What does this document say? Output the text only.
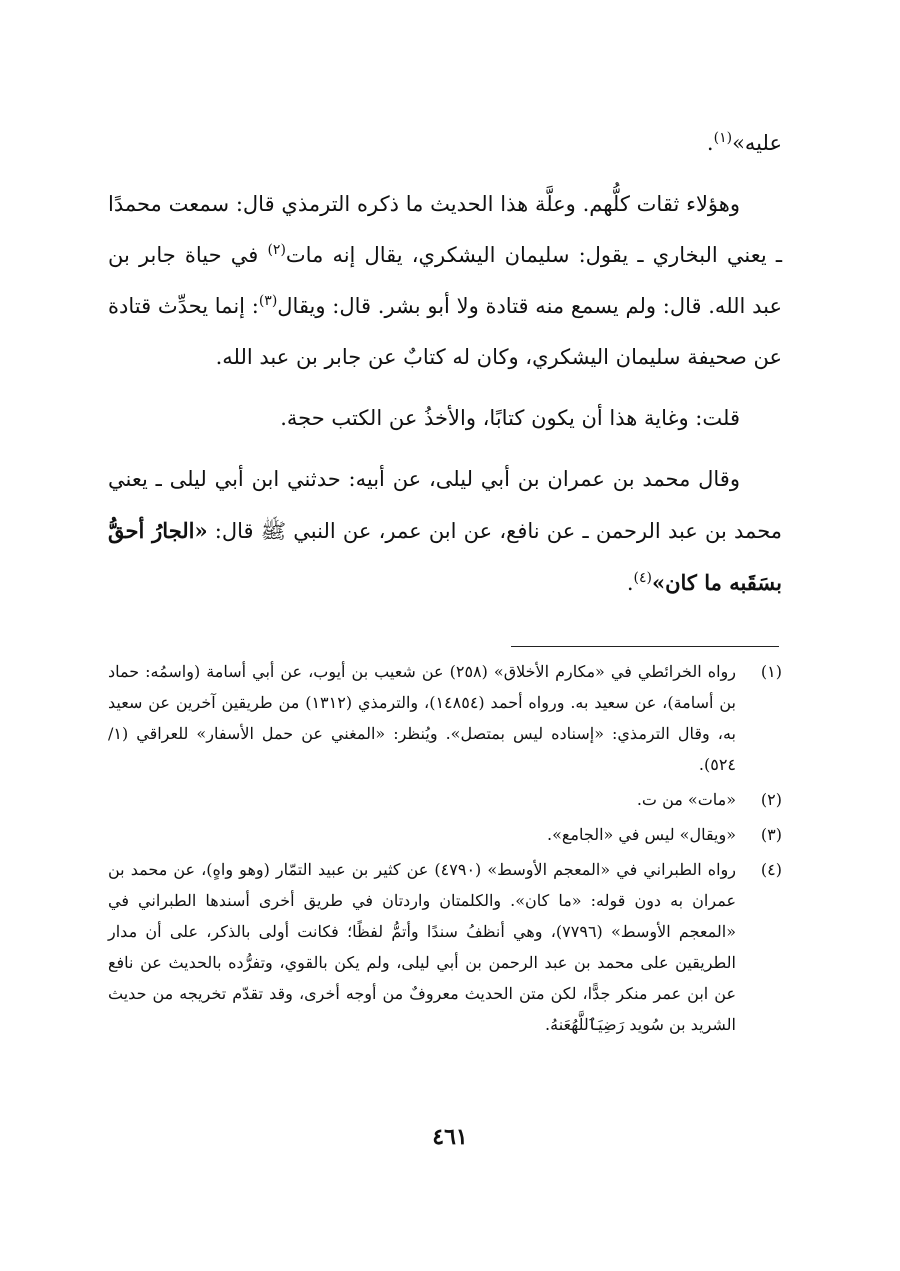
عليه»$^{(١)}$.

وهؤلاء ثقات كلُّهم. وعلَّة هذا الحديث ما ذكره الترمذي قال: سمعت محمدًا ـ يعني البخاري ـ يقول: سليمان اليشكري، يقال إنه مات$^{(٢)}$ في حياة جابر بن عبد الله. قال: ولم يسمع منه قتادة ولا أبو بشر. قال: ويقال$^{(٣)}$: إنما يحدِّث قتادة عن صحيفة سليمان اليشكري، وكان له كتابٌ عن جابر بن عبد الله.

قلت: وغاية هذا أن يكون كتابًا، والأخذُ عن الكتب حجة.

وقال محمد بن عمران بن أبي ليلى، عن أبيه: حدثني ابن أبي ليلى ـ يعني محمد بن عبد الرحمن ـ عن نافع، عن ابن عمر، عن النبي ﷺ قال: «الجارُ أحقُّ بسَقَبه ما كان»$^{(٤)}$.

(١)
رواه الخرائطي في «مكارم الأخلاق» (٢٥٨) عن شعيب بن أيوب، عن أبي أسامة (واسمُه: حماد بن أسامة)، عن سعيد به. ورواه أحمد (١٤٨٥٤)، والترمذي (١٣١٢) من طريقين آخرين عن سعيد به، وقال الترمذي: «إسناده ليس بمتصل». ويُنظر: «المغني عن حمل الأسفار» للعراقي (١/ ٥٢٤).
(٢)
«مات» من ت.
(٣)
«ويقال» ليس في «الجامع».
(٤)
رواه الطبراني في «المعجم الأوسط» (٤٧٩٠) عن كثير بن عبيد التمّار (وهو واهٍ)، عن محمد بن عمران به دون قوله: «ما كان». والكلمتان واردتان في طريق أخرى أسندها الطبراني في «المعجم الأوسط» (٧٧٩٦)، وهي أنظفُ سندًا وأتمُّ لفظًا؛ فكانت أولى بالذكر، على أن مدار الطريقين على محمد بن عبد الرحمن بن أبي ليلى، ولم يكن بالقوي، وتفرُّده بالحديث عن نافع عن ابن عمر منكر جدًّا، لكن متن الحديث معروفٌ من أوجه أخرى، وقد تقدّم تخريجه من حديث الشريد بن سُويد رَضِيَٱللَّهُعَنهُ.
٤٦١
